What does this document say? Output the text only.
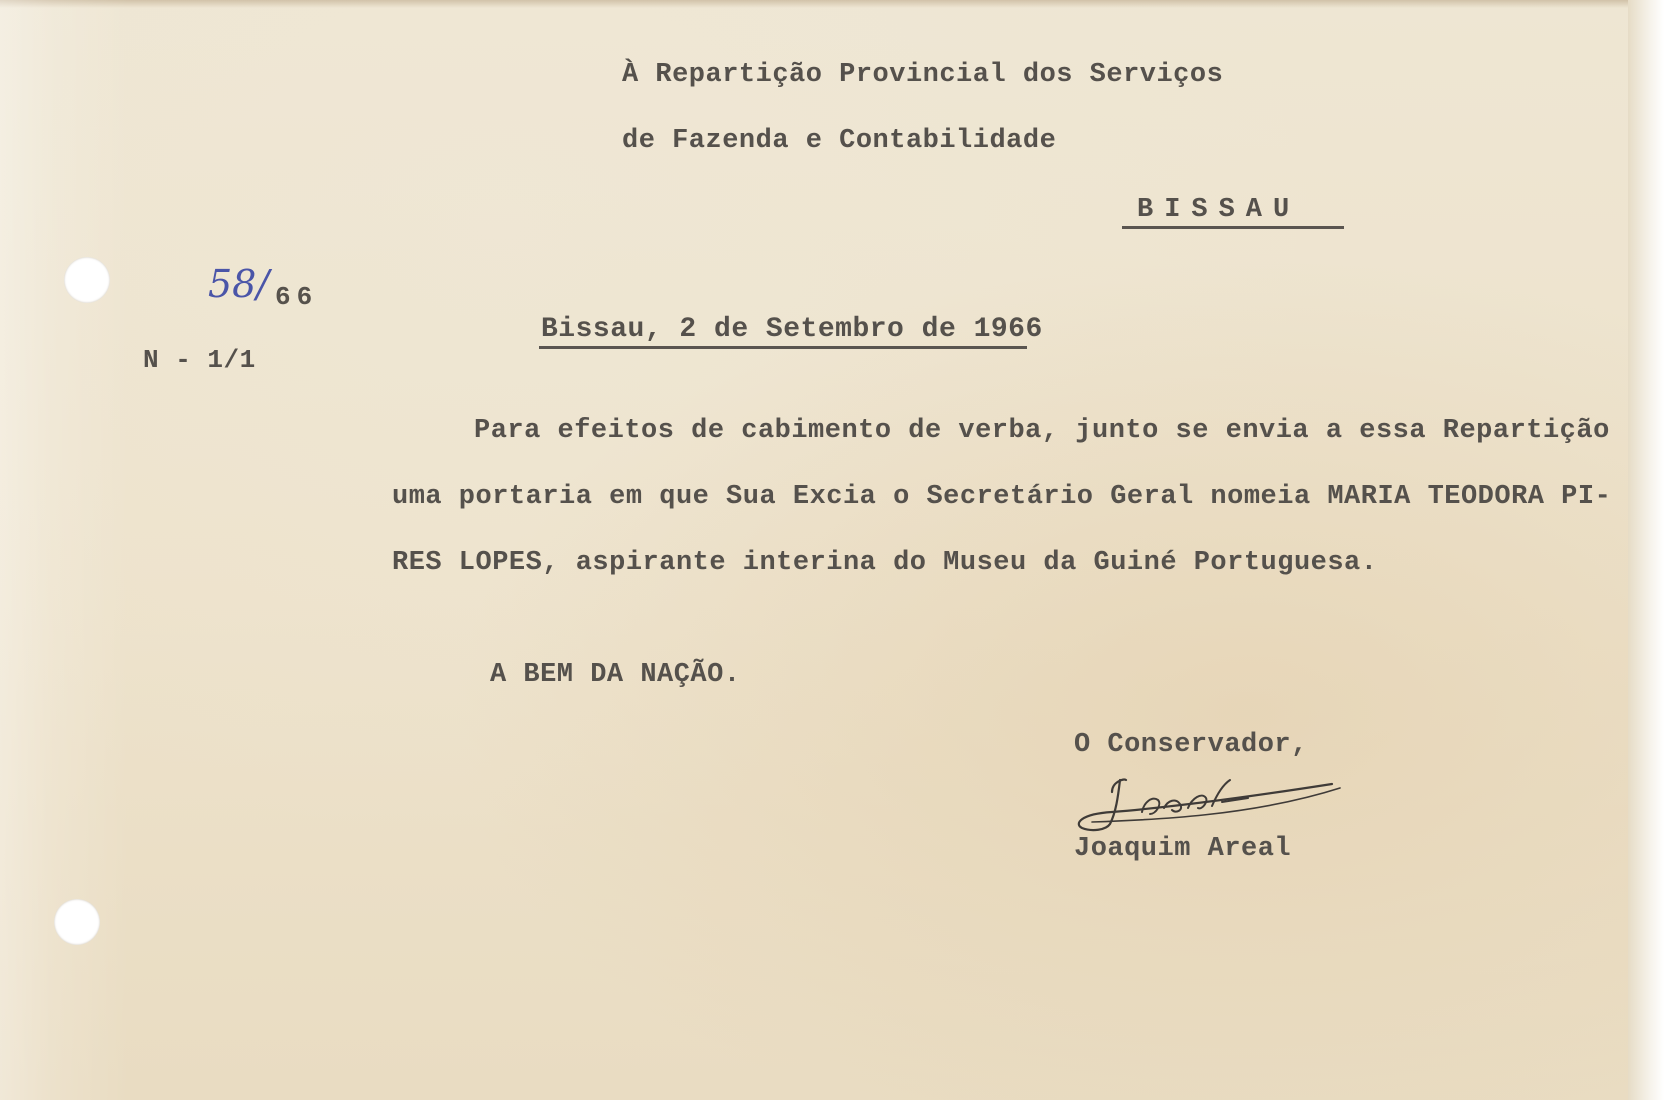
À Repartição Provincial dos Serviços
de Fazenda e Contabilidade
BISSAU
58/ 66
N - 1/1
Bissau, 2 de Setembro de 1966
Para efeitos de cabimento de verba, junto se envia a essa Repartição
uma portaria em que Sua Excia o Secretário Geral nomeia MARIA TEODORA PI-
RES LOPES, aspirante interina do Museu da Guiné Portuguesa.
A BEM DA NAÇÃO.
O Conservador,
Joaquim Areal
